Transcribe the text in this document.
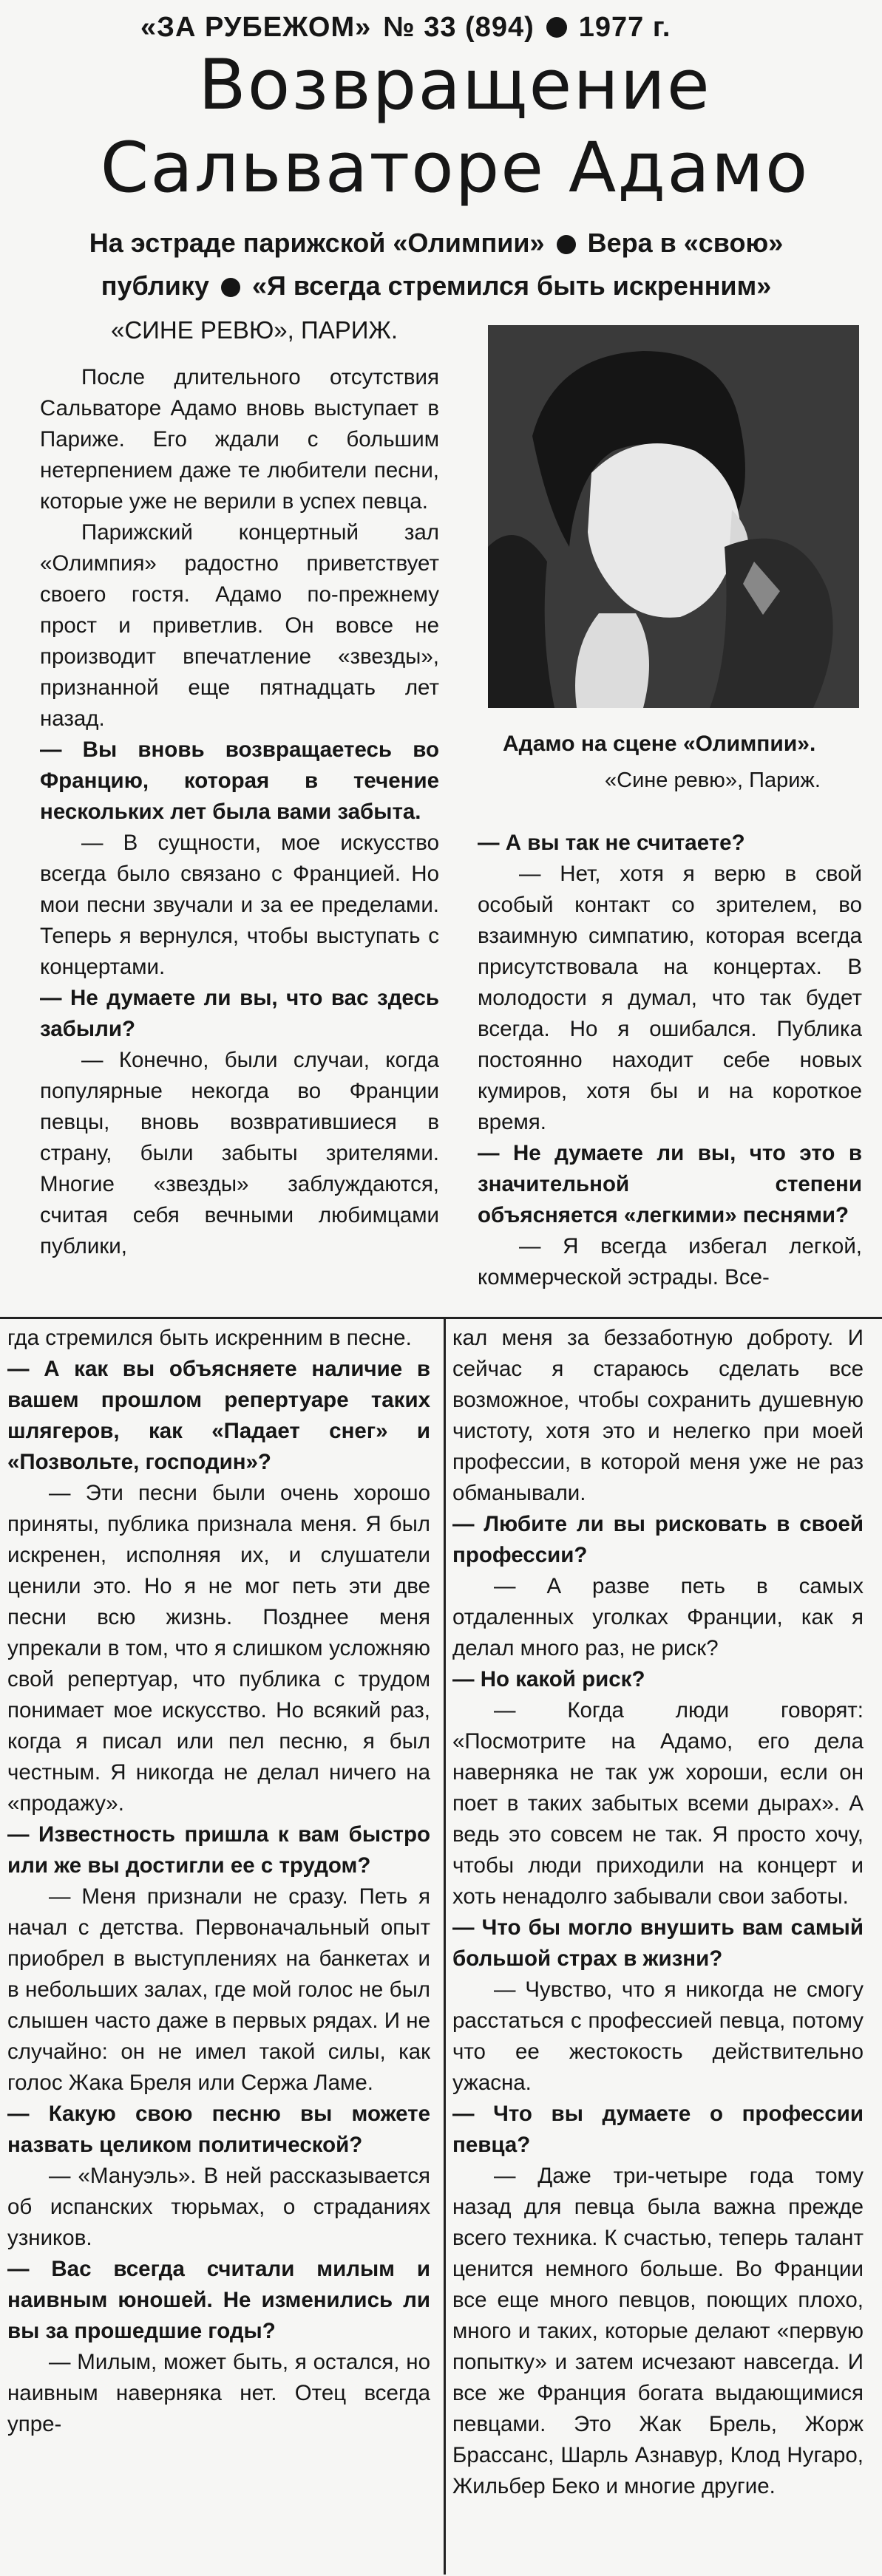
«ЗА РУБЕЖОМ» № 33 (894) 1977 г.
Возвращение
Сальваторе Адамо
На эстраде парижской «Олимпии» Вера в «свою»
публику «Я всегда стремился быть искренним»
«СИНЕ РЕВЮ», ПАРИЖ.
Адамо на сцене «Олимпии».
«Сине ревю», Париж.

После длительного отсутствия Сальваторе Адамо вновь выступает в Париже. Его ждали с большим нетерпением даже те любители песни, которые уже не верили в успех певца.

Парижский концертный зал «Олимпия» радостно приветствует своего гостя. Адамо по-прежнему прост и приветлив. Он вовсе не производит впечатление «звезды», признанной еще пятнадцать лет назад.

— Вы вновь возвращаетесь во Францию, которая в течение нескольких лет была вами забыта.

— В сущности, мое искусство всегда было связано с Францией. Но мои песни звучали и за ее пределами. Теперь я вернулся, чтобы выступать с концертами.

— Не думаете ли вы, что вас здесь забыли?

— Конечно, были случаи, когда популярные некогда во Франции певцы, вновь возвратившиеся в страну, были забыты зрителями. Многие «звезды» заблуждаются, считая себя вечными любимцами публики,

— А вы так не считаете?

— Нет, хотя я верю в свой особый контакт со зрителем, во взаимную симпатию, которая всегда присутствовала на концертах. В молодости я думал, что так будет всегда. Но я ошибался. Публика постоянно находит себе новых кумиров, хотя бы и на короткое время.

— Не думаете ли вы, что это в значительной степени объясняется «легкими» песнями?

— Я всегда избегал легкой, коммерческой эстрады. Все-

гда стремился быть искренним в песне.

— А как вы объясняете наличие в вашем прошлом репертуаре таких шлягеров, как «Падает снег» и «Позвольте, господин»?

— Эти песни были очень хорошо приняты, публика признала меня. Я был искренен, исполняя их, и слушатели ценили это. Но я не мог петь эти две песни всю жизнь. Позднее меня упрекали в том, что я слишком усложняю свой репертуар, что публика с трудом понимает мое искусство. Но всякий раз, когда я писал или пел песню, я был честным. Я никогда не делал ничего на «продажу».

— Известность пришла к вам быстро или же вы достигли ее с трудом?

— Меня признали не сразу. Петь я начал с детства. Первоначальный опыт приобрел в выступлениях на банкетах и в небольших залах, где мой голос не был слышен часто даже в первых рядах. И не случайно: он не имел такой силы, как голос Жака Бреля или Сержа Ламе.

— Какую свою песню вы можете назвать целиком политической?

— «Мануэль». В ней рассказывается об испанских тюрьмах, о страданиях узников.

— Вас всегда считали милым и наивным юношей. Не изменились ли вы за прошедшие годы?

— Милым, может быть, я остался, но наивным наверняка нет. Отец всегда упре-

кал меня за беззаботную доброту. И сейчас я стараюсь сделать все возможное, чтобы сохранить душевную чистоту, хотя это и нелегко при моей профессии, в которой меня уже не раз обманывали.

— Любите ли вы рисковать в своей профессии?

— А разве петь в самых отдаленных уголках Франции, как я делал много раз, не риск?

— Но какой риск?

— Когда люди говорят: «Посмотрите на Адамо, его дела наверняка не так уж хороши, если он поет в таких забытых всеми дырах». А ведь это совсем не так. Я просто хочу, чтобы люди приходили на концерт и хоть ненадолго забывали свои заботы.

— Что бы могло внушить вам самый большой страх в жизни?

— Чувство, что я никогда не смогу расстаться с профессией певца, потому что ее жестокость действительно ужасна.

— Что вы думаете о профессии певца?

— Даже три-четыре года тому назад для певца была важна прежде всего техника. К счастью, теперь талант ценится немного больше. Во Франции все еще много певцов, поющих плохо, много и таких, которые делают «первую попытку» и затем исчезают навсегда. И все же Франция богата выдающимися певцами. Это Жак Брель, Жорж Брассанс, Шарль Азнавур, Клод Нугаро, Жильбер Беко и многие другие.
